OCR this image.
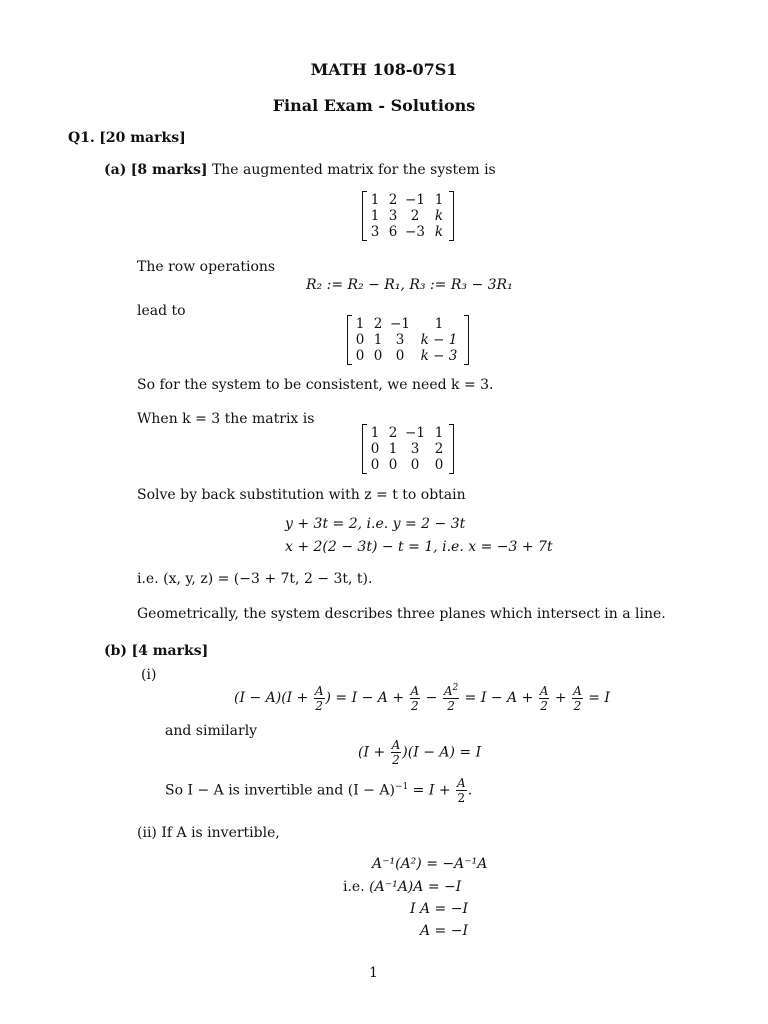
MATH 108-07S1
Final Exam - Solutions
Q1. [20 marks]
(a) [8 marks] The augmented matrix for the system is
1 2 −1 1
1 3 2	k
3 6 −3 k
The row operations
R₂ := R₂ − R₁, R₃ := R₃ − 3R₁
lead to
1 2 −1	1
0 1 3	k − 1
0 0 0	k − 3
So for the system to be consistent, we need k = 3.
When k = 3 the matrix is
1 2 −1 1
0 1 3	2
0 0 0	0
Solve by back substitution with z = t to obtain
y + 3t = 2, i.e. y = 2 − 3t
x + 2(2 − 3t) − t = 1, i.e. x = −3 + 7t
i.e. (x, y, z) = (−3 + 7t, 2 − 3t, t).
Geometrically, the system describes three planes which intersect in a line.
(b) [4 marks]
(i)
$(I - A)(I + \frac{A}{2}$ ) = $I - A + \frac{A}{2} - \frac{A^2}{2} = I - A + \frac{A}{2} + \frac{A}{2} = I$
and similarly
$(I + \frac{A}{2} )(I - A) = I$
So I − A is invertible and $(I - A)^{-1} = I + \frac{A}{2}$ .
(ii) If A is invertible,
A⁻¹(A²) = −A⁻¹A
i.e. (A⁻¹A)A = −I
I A = −I
A = −I
1
